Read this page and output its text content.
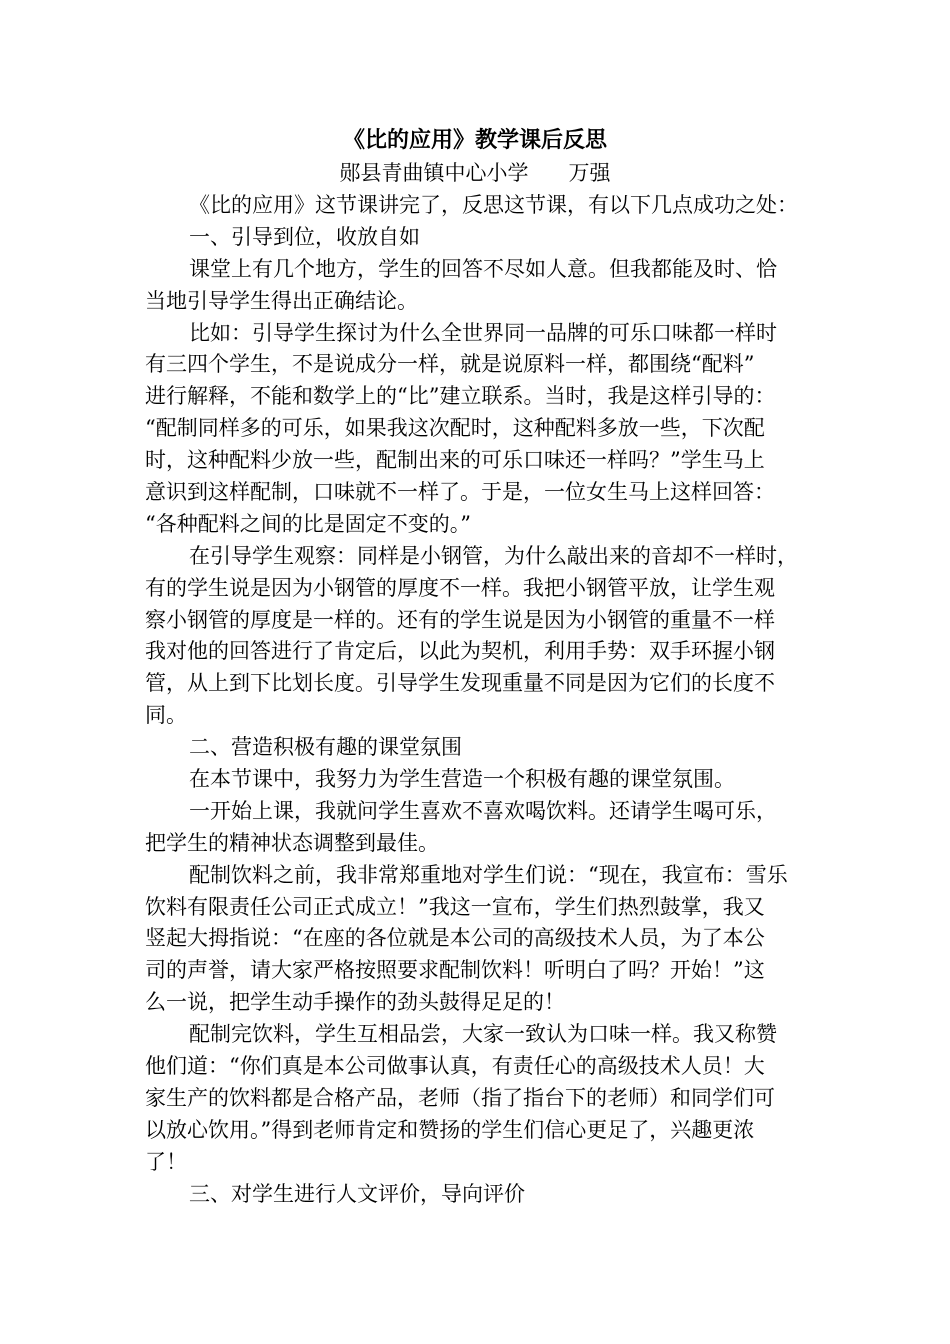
《比的应用》教学课后反思
郧县青曲镇中心小学      万强
《比的应用》这节课讲完了，反思这节课，有以下几点成功之处：
一、引导到位，收放自如
课堂上有几个地方，学生的回答不尽如人意。但我都能及时、恰
当地引导学生得出正确结论。
比如：引导学生探讨为什么全世界同一品牌的可乐口味都一样时
有三四个学生，不是说成分一样，就是说原料一样，都围绕“配料”
进行解释，不能和数学上的“比”建立联系。当时，我是这样引导的：
“配制同样多的可乐，如果我这次配时，这种配料多放一些，下次配
时，这种配料少放一些，配制出来的可乐口味还一样吗？”学生马上
意识到这样配制，口味就不一样了。于是，一位女生马上这样回答：
“各种配料之间的比是固定不变的。”
在引导学生观察：同样是小钢管，为什么敲出来的音却不一样时，
有的学生说是因为小钢管的厚度不一样。我把小钢管平放，让学生观
察小钢管的厚度是一样的。还有的学生说是因为小钢管的重量不一样
我对他的回答进行了肯定后，以此为契机，利用手势：双手环握小钢
管，从上到下比划长度。引导学生发现重量不同是因为它们的长度不
同。
二、营造积极有趣的课堂氛围
在本节课中，我努力为学生营造一个积极有趣的课堂氛围。
一开始上课，我就问学生喜欢不喜欢喝饮料。还请学生喝可乐，
把学生的精神状态调整到最佳。
配制饮料之前，我非常郑重地对学生们说：“现在，我宣布：雪乐
饮料有限责任公司正式成立！”我这一宣布，学生们热烈鼓掌，我又
竖起大拇指说：“在座的各位就是本公司的高级技术人员，为了本公
司的声誉，请大家严格按照要求配制饮料！听明白了吗？开始！”这
么一说，把学生动手操作的劲头鼓得足足的！
配制完饮料，学生互相品尝，大家一致认为口味一样。我又称赞
他们道：“你们真是本公司做事认真，有责任心的高级技术人员！大
家生产的饮料都是合格产品，老师（指了指台下的老师）和同学们可
以放心饮用。”得到老师肯定和赞扬的学生们信心更足了，兴趣更浓
了！
三、对学生进行人文评价，导向评价
